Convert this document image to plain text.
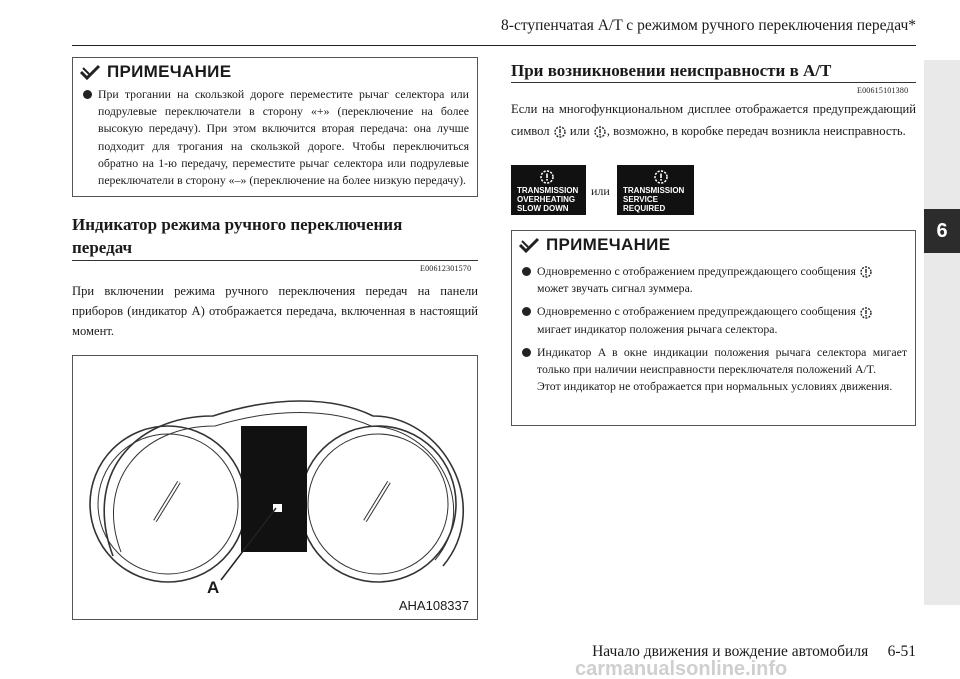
8-ступенчатая A/T с режимом ручного переключения передач*
6
ПРИМЕЧАНИЕ
При трогании на скользкой дороге переместите рычаг селектора или подрулевые переключатели в сторону «+» (переключение на более высокую передачу). При этом включится вторая передача: она лучше подходит для трогания на скользкой дороге. Чтобы переключиться обратно на 1-ю передачу, переместите рычаг селектора или подрулевые переключатели в сторону «–» (переключение на более низкую передачу).
Индикатор режима ручного переключения
передач
E00612301570
При включении режима ручного переключения передач на панели приборов (индикатор A) отображается передача, включенная в настоящий момент.
A
AHA108337
При возникновении неисправности в A/T
E00615101380
Если на многофункциональном дисплее отображается предупреждающий символ или , возможно, в коробке передач возникла неисправность.
TRANSMISSION
OVERHEATING
SLOW DOWN
или TRANSMISSION
SERVICE REQUIRED
ПРИМЕЧАНИЕ
Одновременно с отображением предупреждающего сообщения
может звучать сигнал зуммера.
Одновременно с отображением предупреждающего сообщения
мигает индикатор положения рычага селектора.
Индикатор A в окне индикации положения рычага селектора мигает только при наличии неисправности переключателя положений A/T.
Этот индикатор не отображается при нормальных условиях движения.
Начало движения и вождение автомобиля     6-51
carmanualsonline.info
